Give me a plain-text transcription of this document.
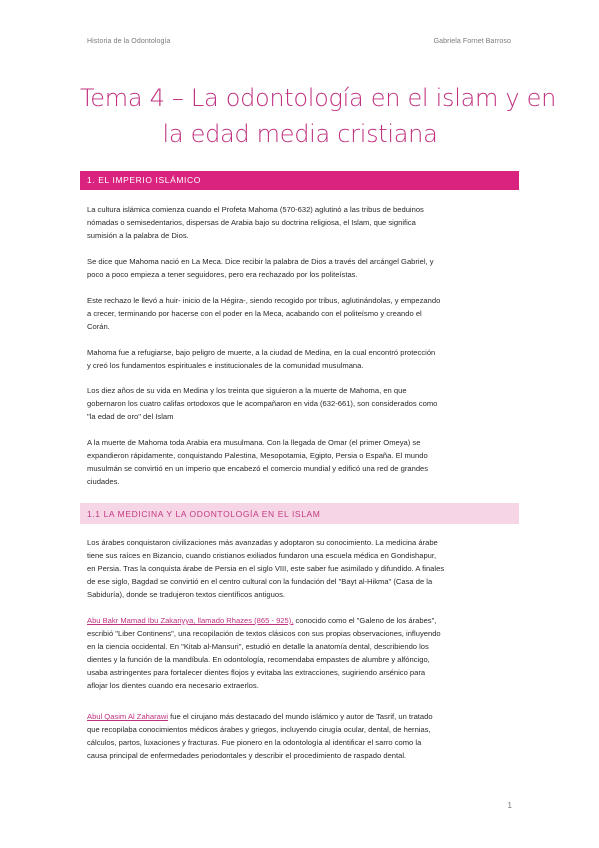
Historia de la Odontología	Gabriela Fornet Barroso
Tema 4 – La odontología en el islam y en
la edad media cristiana
1. EL IMPERIO ISLÁMICO

La cultura islámica comienza cuando el Profeta Mahoma (570-632) aglutinó a las tribus de beduinos

nómadas o semisedentarios, dispersas de Arabia bajo su doctrina religiosa, el Islam, que significa

sumisión a la palabra de Dios.

Se dice que Mahoma nació en La Meca. Dice recibir la palabra de Dios a través del arcángel Gabriel, y

poco a poco empieza a tener seguidores, pero era rechazado por los politeístas.

Este rechazo le llevó a huir- inicio de la Hégira-, siendo recogido por tribus, aglutinándolas, y empezando

a crecer, terminando por hacerse con el poder en la Meca, acabando con el politeísmo y creando el

Corán.

Mahoma fue a refugiarse, bajo peligro de muerte, a la ciudad de Medina, en la cual encontró protección

y creó los fundamentos espirituales e institucionales de la comunidad musulmana.

Los diez años de su vida en Medina y los treinta que siguieron a la muerte de Mahoma, en que

gobernaron los cuatro califas ortodoxos que le acompañaron en vida (632-661), son considerados como

"la edad de oro" del Islam

A la muerte de Mahoma toda Arabia era musulmana. Con la llegada de Omar (el primer Omeya) se

expandieron rápidamente, conquistando Palestina, Mesopotamia, Egipto, Persia o España. El mundo

musulmán se convirtió en un imperio que encabezó el comercio mundial y edificó una red de grandes

ciudades.

1.1 LA MEDICINA Y LA ODONTOLOGÍA EN EL ISLAM

Los árabes conquistaron civilizaciones más avanzadas y adoptaron su conocimiento. La medicina árabe

tiene sus raíces en Bizancio, cuando cristianos exiliados fundaron una escuela médica en Gondishapur,

en Persia. Tras la conquista árabe de Persia en el siglo VIII, este saber fue asimilado y difundido. A finales

de ese siglo, Bagdad se convirtió en el centro cultural con la fundación del "Bayt al-Hikma" (Casa de la

Sabiduría), donde se tradujeron textos científicos antiguos.

Abu Bakr Mamad Ibu Zakariyya, llamado Rhazes (865 - 925), conocido como el "Galeno de los árabes",

escribió "Liber Continens", una recopilación de textos clásicos con sus propias observaciones, influyendo

en la ciencia occidental. En "Kitab al-Mansuri", estudió en detalle la anatomía dental, describiendo los

dientes y la función de la mandíbula. En odontología, recomendaba empastes de alumbre y alfóncigo,

usaba astringentes para fortalecer dientes flojos y evitaba las extracciones, sugiriendo arsénico para

aflojar los dientes cuando era necesario extraerlos.

Abul Qasim Al Zaharawi fue el cirujano más destacado del mundo islámico y autor de Tasrif, un tratado

que recopilaba conocimientos médicos árabes y griegos, incluyendo cirugía ocular, dental, de hernias,

cálculos, partos, luxaciones y fracturas. Fue pionero en la odontología al identificar el sarro como la

causa principal de enfermedades periodontales y describir el procedimiento de raspado dental.

1
